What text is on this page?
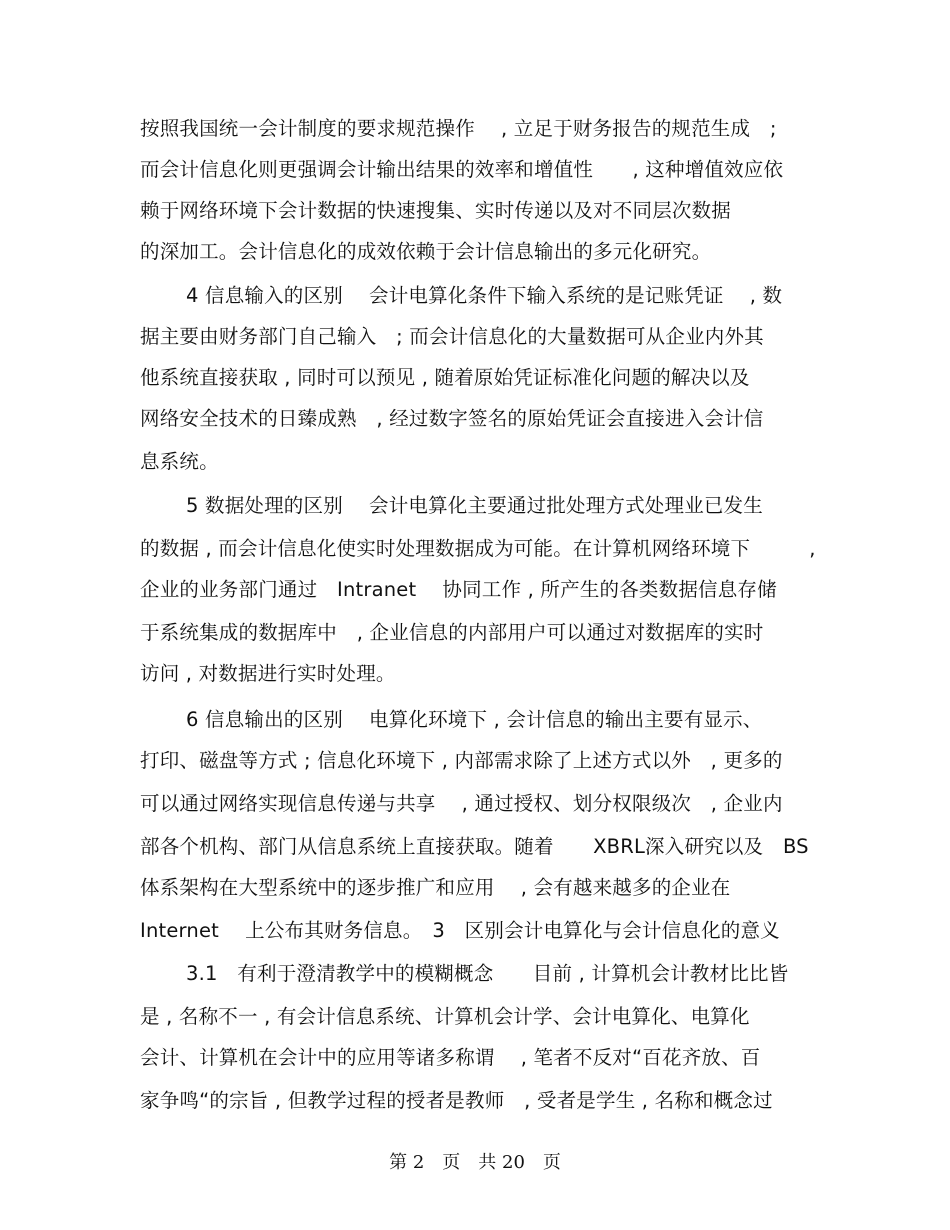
按照我国统一会计制度的要求规范操作　 , 立足于财务报告的规范生成　;
而会计信息化则更强调会计输出结果的效率和增值性　　, 这种增值效应依
赖于网络环境下会计数据的快速搜集、实时传递以及对不同层次数据
的深加工。会计信息化的成效依赖于会计信息输出的多元化研究。
4 信息输入的区别　 会计电算化条件下输入系统的是记账凭证　 , 数
据主要由财务部门自己输入　; 而会计信息化的大量数据可从企业内外其
他系统直接获取 , 同时可以预见 , 随着原始凭证标准化问题的解决以及
网络安全技术的日臻成熟　, 经过数字签名的原始凭证会直接进入会计信
息系统。
5 数据处理的区别　 会计电算化主要通过批处理方式处理业已发生
的数据 , 而会计信息化使实时处理数据成为可能。在计算机网络环境下　　　,
企业的业务部门通过　Intranet　 协同工作 , 所产生的各类数据信息存储
于系统集成的数据库中　, 企业信息的内部用户可以通过对数据库的实时
访问 , 对数据进行实时处理。
6 信息输出的区别　 电算化环境下 , 会计信息的输出主要有显示、
打印、磁盘等方式 ; 信息化环境下 , 内部需求除了上述方式以外　, 更多的
可以通过网络实现信息传递与共享　 , 通过授权、划分权限级次　, 企业内
部各个机构、部门从信息系统上直接获取。随着　　XBRL深入研究以及　BS
体系架构在大型系统中的逐步推广和应用　 , 会有越来越多的企业在
Internet　 上公布其财务信息。　3　区别会计电算化与会计信息化的意义
3.1　有利于澄清教学中的模糊概念　　目前 , 计算机会计教材比比皆
是 , 名称不一 , 有会计信息系统、计算机会计学、会计电算化、电算化
会计、计算机在会计中的应用等诸多称谓　 , 笔者不反对“百花齐放、百
家争鸣“的宗旨 , 但教学过程的授者是教师　, 受者是学生 , 名称和概念过
第 2　页　共 20　页
